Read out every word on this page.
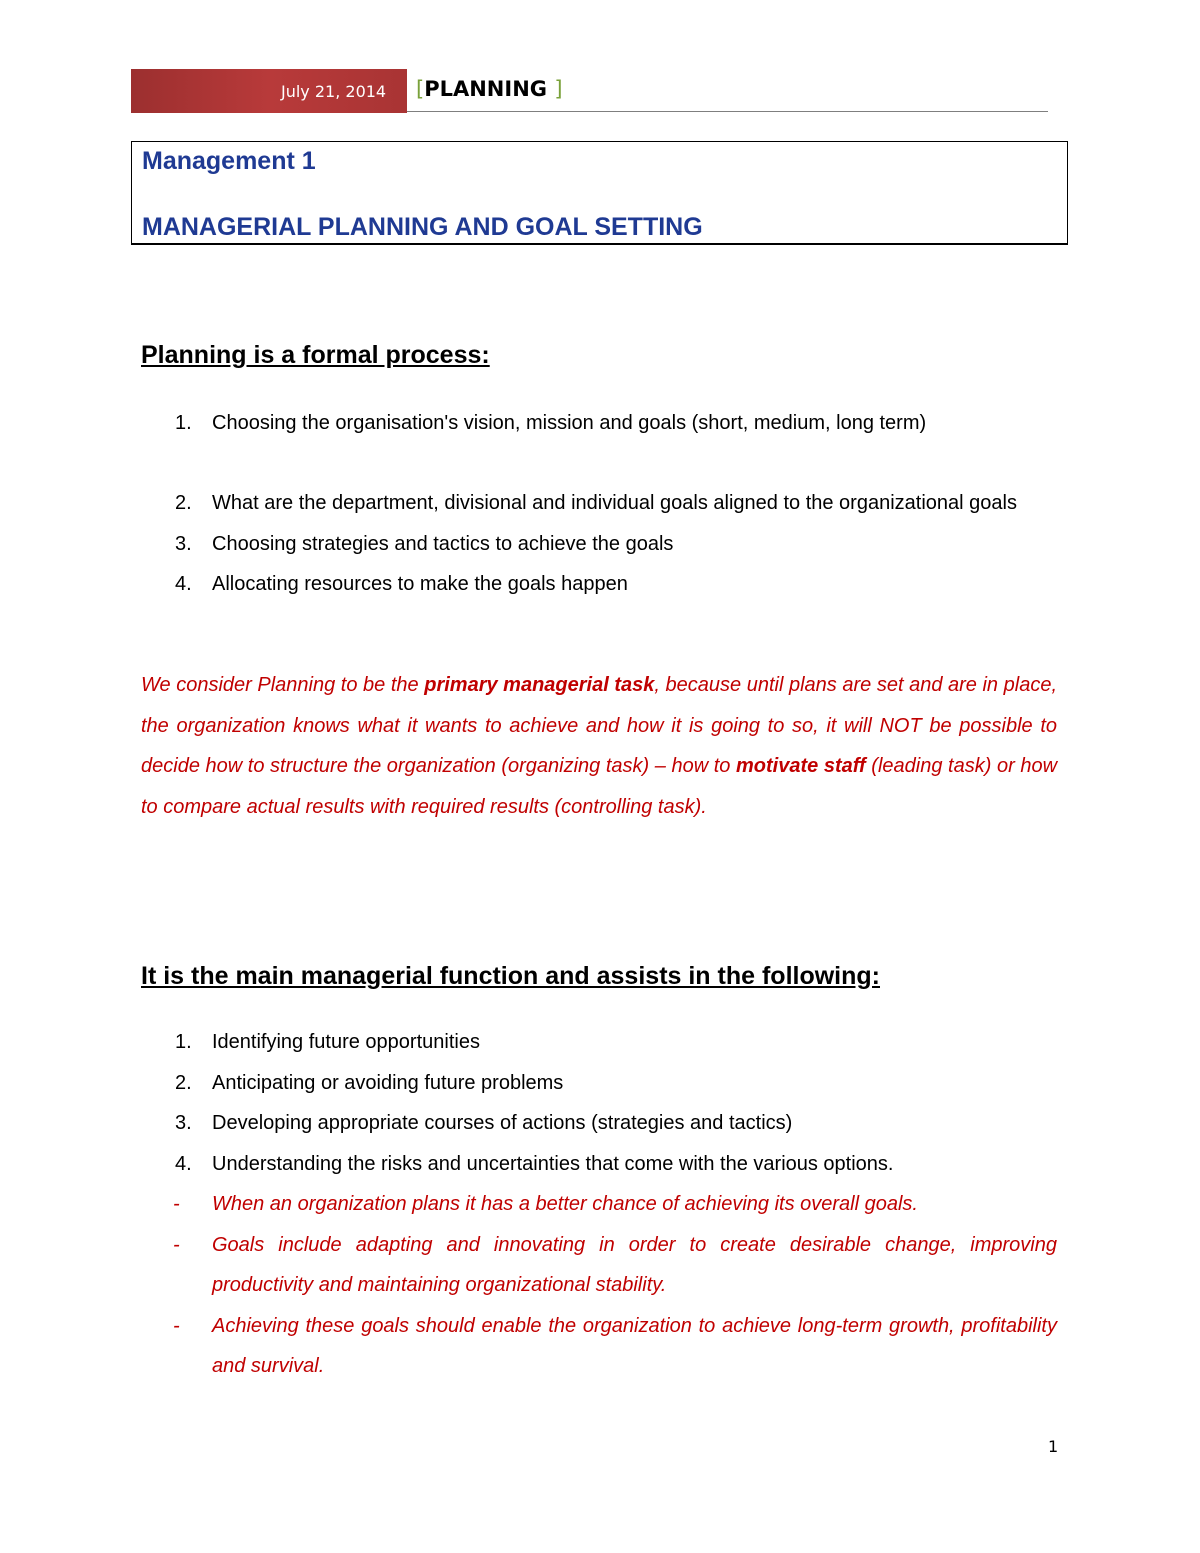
July 21, 2014 [PLANNING ]
Management 1
MANAGERIAL PLANNING AND GOAL SETTING
Planning is a formal process:
1. Choosing the organisation's vision, mission and goals (short, medium, long term)
2. What are the department, divisional and individual goals aligned to the organizational goals
3. Choosing strategies and tactics to achieve the goals
4. Allocating resources to make the goals happen
We consider Planning to be the primary managerial task, because until plans are set and are in place, the organization knows what it wants to achieve and how it is going to so, it will NOT be possible to decide how to structure the organization (organizing task) – how to motivate staff (leading task) or how to compare actual results with required results (controlling task).
It is the main managerial function and assists in the following:
1. Identifying future opportunities
2. Anticipating or avoiding future problems
3. Developing appropriate courses of actions (strategies and tactics)
4. Understanding the risks and uncertainties that come with the various options.
- When an organization plans it has a better chance of achieving its overall goals.
- Goals include adapting and innovating in order to create desirable change, improving productivity and maintaining organizational stability.
- Achieving these goals should enable the organization to achieve long-term growth, profitability and survival.
1
